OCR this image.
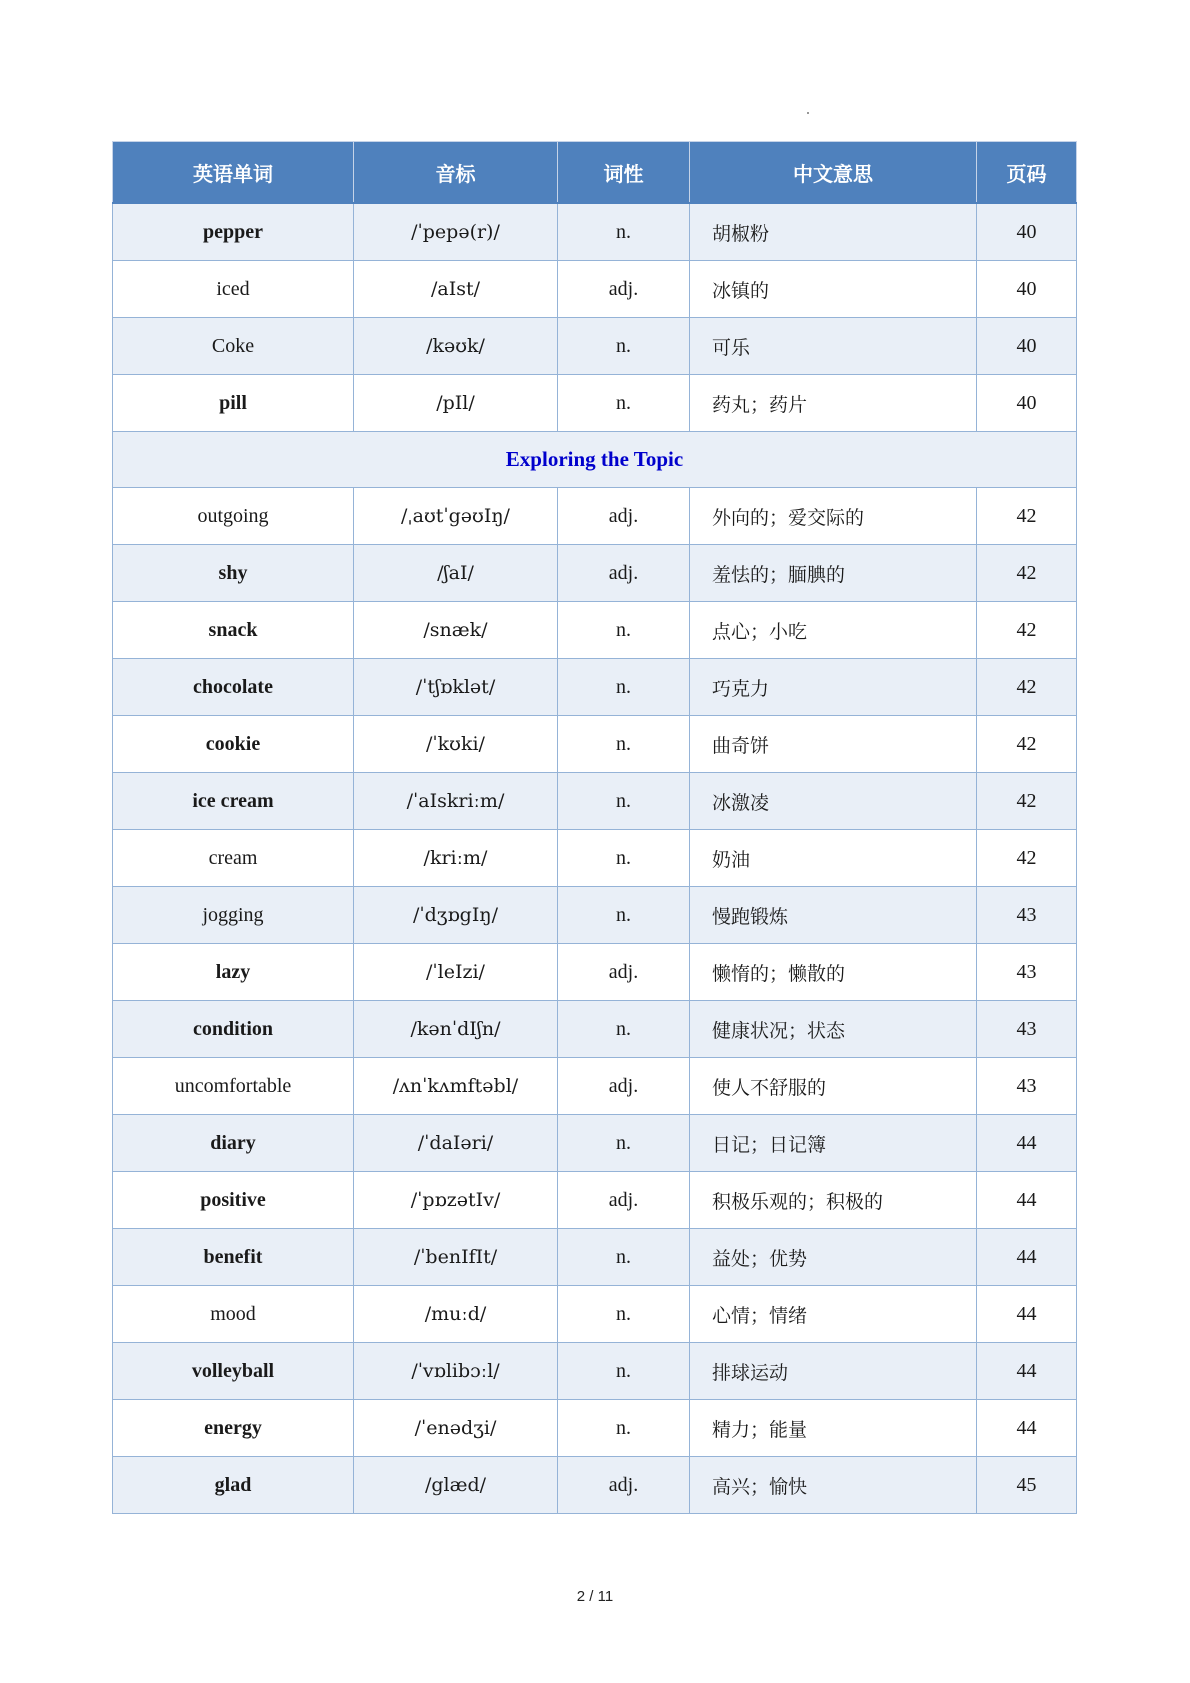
英语单词	音标	词性	中文意思	页码
pepper	/ˈpepə(r)/	n.	胡椒粉	40
iced	/aIst/	adj.	冰镇的	40
Coke	/kəʊk/	n.	可乐	40
pill	/pIl/	n.	药丸；药片	40
Exploring the Topic				
outgoing	/ˌaʊtˈgəʊIŋ/	adj.	外向的；爱交际的	42
shy	/ʃaI/	adj.	羞怯的；腼腆的	42
snack	/snæk/	n.	点心；小吃	42
chocolate	/ˈtʃɒklət/	n.	巧克力	42
cookie	/ˈkʊki/	n.	曲奇饼	42
ice cream	/ˈaIskriːm/	n.	冰激凌	42
cream	/kriːm/	n.	奶油	42
jogging	/ˈdʒɒgIŋ/	n.	慢跑锻炼	43
lazy	/ˈleIzi/	adj.	懒惰的；懒散的	43
condition	/kənˈdIʃn/	n.	健康状况；状态	43
uncomfortable	/ʌnˈkʌmftəbl/	adj.	使人不舒服的	43
diary	/ˈdaIəri/	n.	日记；日记簿	44
positive	/ˈpɒzətIv/	adj.	积极乐观的；积极的	44
benefit	/ˈbenIfIt/	n.	益处；优势	44
mood	/muːd/	n.	心情；情绪	44
volleyball	/ˈvɒlibɔːl/	n.	排球运动	44
energy	/ˈenədʒi/	n.	精力；能量	44
glad	/glæd/	adj.	高兴；愉快	45
2 / 11
